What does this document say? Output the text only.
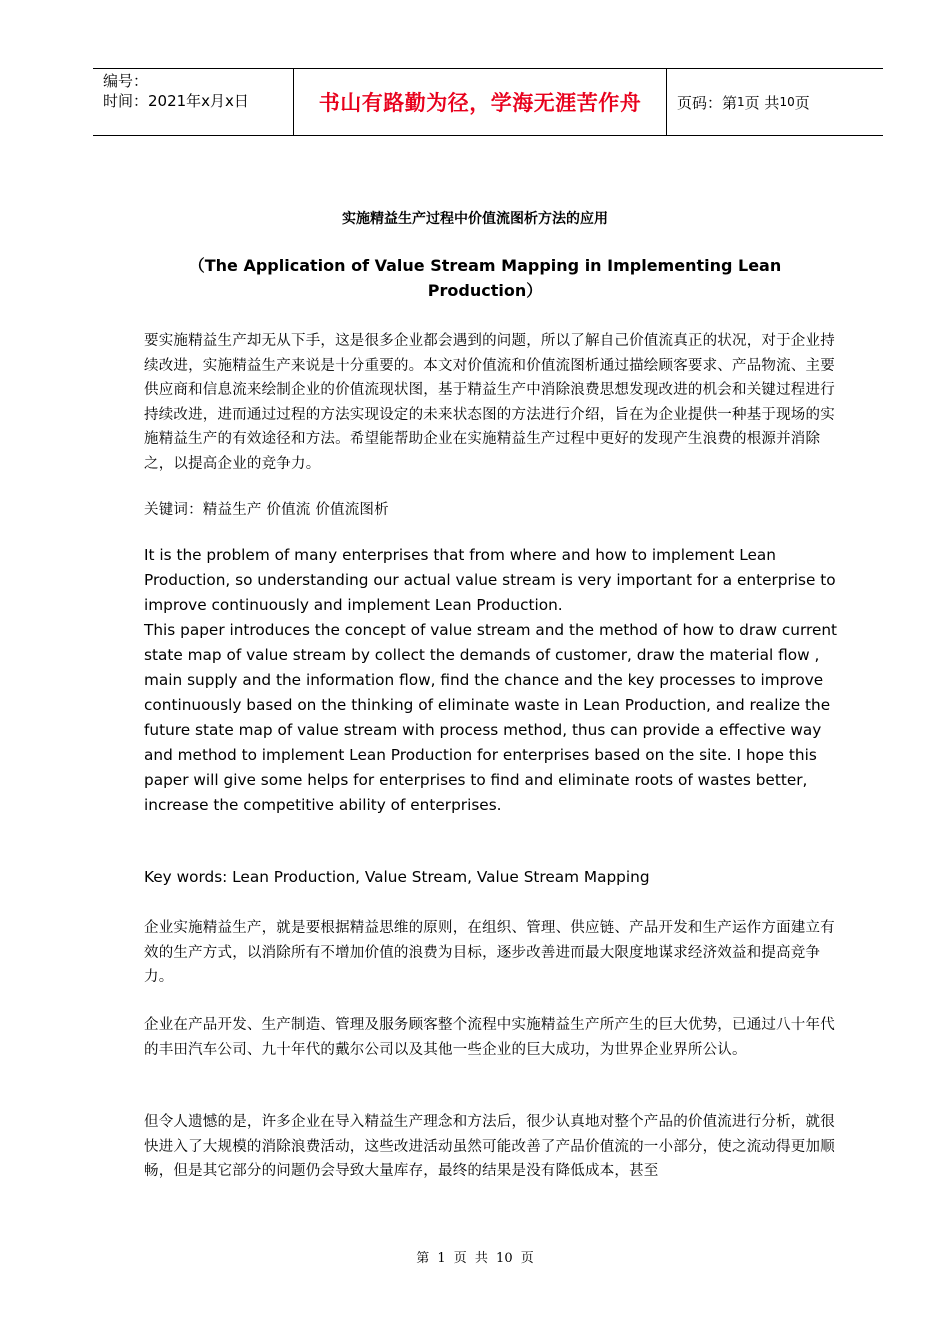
编号：
时间：2021年x月x日	书山有路勤为径，学海无涯苦作舟 页码：第 1 页 共 10 页
实施精益生产过程中价值流图析方法的应用
（The Application of Value Stream Mapping in Implementing Lean Production）

要实施精益生产却无从下手，这是很多企业都会遇到的问题，所以了解自己价值流真正的状况，对于企业持续改进，实施精益生产来说是十分重要的。本文对价值流和价值流图析通过描绘顾客要求、产品物流、主要供应商和信息流来绘制企业的价值流现状图，基于精益生产中消除浪费思想发现改进的机会和关键过程进行持续改进，进而通过过程的方法实现设定的未来状态图的方法进行介绍，旨在为企业提供一种基于现场的实施精益生产的有效途径和方法。希望能帮助企业在实施精益生产过程中更好的发现产生浪费的根源并消除之，以提高企业的竞争力。

关键词：精益生产 价值流 价值流图析

It is the problem of many enterprises that from where and how to implement Lean Production, so understanding our actual value stream is very important for a enterprise to improve continuously and implement Lean Production.

This paper introduces the concept of value stream and the method of how to draw current state map of value stream by collect the demands of customer, draw the material flow , main supply and the information flow, find the chance and the key processes to improve continuously based on the thinking of eliminate waste in Lean Production, and realize the future state map of value stream with process method, thus can provide a effective way and method to implement Lean Production for enterprises based on the site. I hope this paper will give some helps for enterprises to find and eliminate roots of wastes better, increase the competitive ability of enterprises.

Key words: Lean Production, Value Stream, Value Stream Mapping

企业实施精益生产，就是要根据精益思维的原则，在组织、管理、供应链、产品开发和生产运作方面建立有效的生产方式，以消除所有不增加价值的浪费为目标，逐步改善进而最大限度地谋求经济效益和提高竞争力。

企业在产品开发、生产制造、管理及服务顾客整个流程中实施精益生产所产生的巨大优势，已通过八十年代的丰田汽车公司、九十年代的戴尔公司以及其他一些企业的巨大成功，为世界企业界所公认。

但令人遗憾的是，许多企业在导入精益生产理念和方法后，很少认真地对整个产品的价值流进行分析，就很快进入了大规模的消除浪费活动，这些改进活动虽然可能改善了产品价值流的一小部分，使之流动得更加顺畅，但是其它部分的问题仍会导致大量库存，最终的结果是没有降低成本，甚至

第 1 页 共 10 页
